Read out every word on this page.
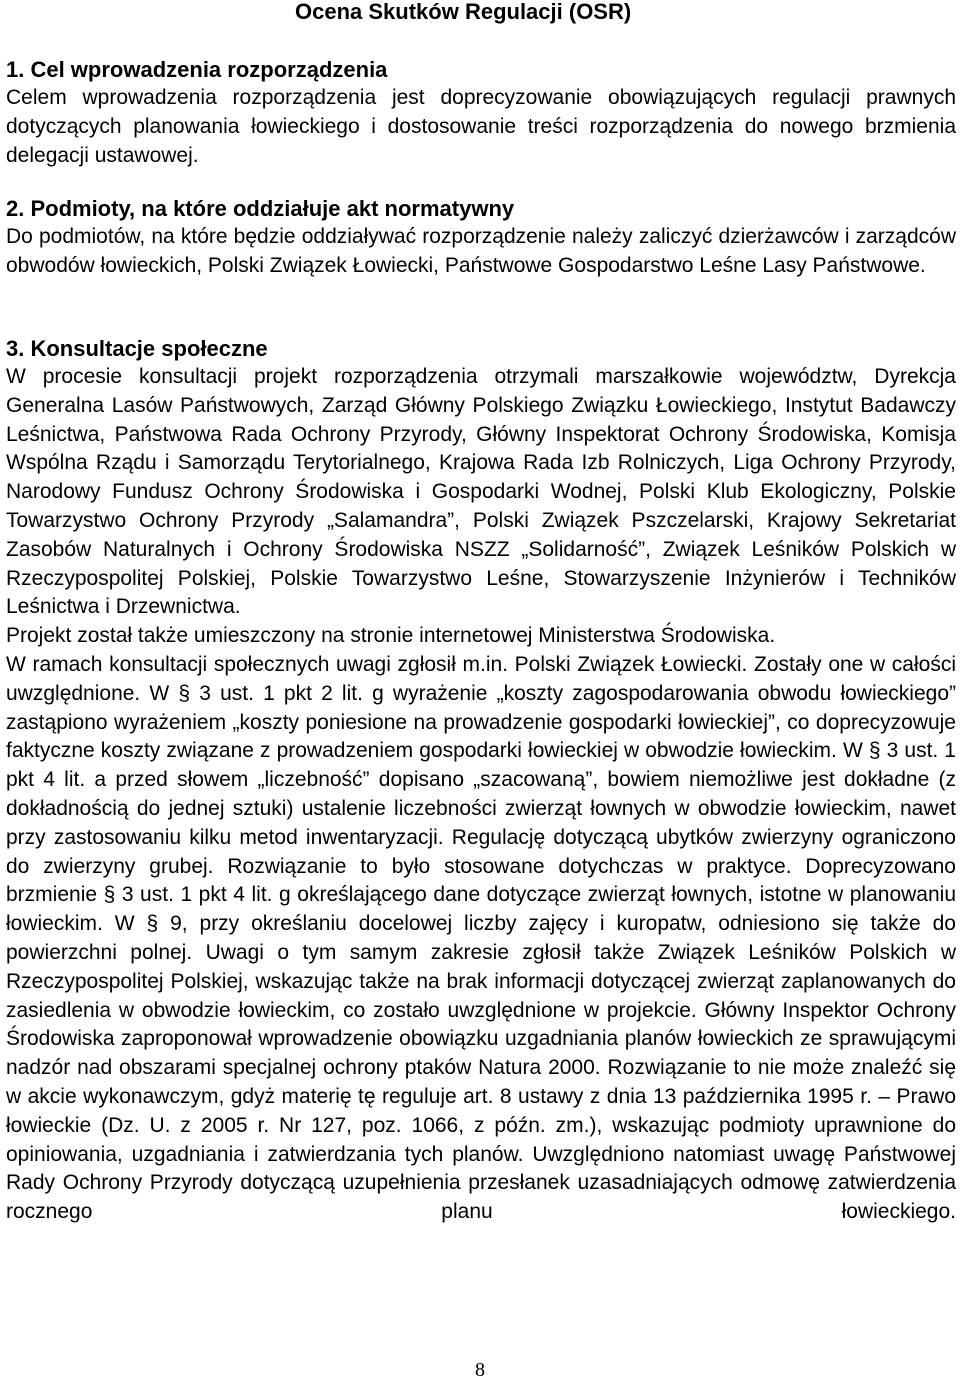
Ocena Skutków Regulacji (OSR)
1. Cel wprowadzenia rozporządzenia

Celem wprowadzenia rozporządzenia jest doprecyzowanie obowiązujących regulacji prawnych dotyczących planowania łowieckiego i dostosowanie treści rozporządzenia do nowego brzmienia delegacji ustawowej.

2. Podmioty, na które oddziałuje akt normatywny

Do podmiotów, na które będzie oddziaływać rozporządzenie należy zaliczyć dzierżawców i zarządców obwodów łowieckich, Polski Związek Łowiecki, Państwowe Gospodarstwo Leśne Lasy Państwowe.

3. Konsultacje społeczne

W procesie konsultacji projekt rozporządzenia otrzymali marszałkowie województw, Dyrekcja Generalna Lasów Państwowych, Zarząd Główny Polskiego Związku Łowieckiego, Instytut Badawczy Leśnictwa, Państwowa Rada Ochrony Przyrody, Główny Inspektorat Ochrony Środowiska, Komisja Wspólna Rządu i Samorządu Terytorialnego, Krajowa Rada Izb Rolniczych, Liga Ochrony Przyrody, Narodowy Fundusz Ochrony Środowiska i Gospodarki Wodnej, Polski Klub Ekologiczny, Polskie Towarzystwo Ochrony Przyrody „Salamandra”, Polski Związek Pszczelarski, Krajowy Sekretariat Zasobów Naturalnych i Ochrony Środowiska NSZZ „Solidarność”, Związek Leśników Polskich w Rzeczypospolitej Polskiej, Polskie Towarzystwo Leśne, Stowarzyszenie Inżynierów i Techników Leśnictwa i Drzewnictwa.

Projekt został także umieszczony na stronie internetowej Ministerstwa Środowiska.

W ramach konsultacji społecznych uwagi zgłosił m.in. Polski Związek Łowiecki. Zostały one w całości uwzględnione. W § 3 ust. 1 pkt 2 lit. g wyrażenie „koszty zagospodarowania obwodu łowieckiego” zastąpiono wyrażeniem „koszty poniesione na prowadzenie gospodarki łowieckiej”, co doprecyzowuje faktyczne koszty związane z prowadzeniem gospodarki łowieckiej w obwodzie łowieckim. W § 3 ust. 1 pkt 4 lit. a przed słowem „liczebność” dopisano „szacowaną”, bowiem niemożliwe jest dokładne (z dokładnością do jednej sztuki) ustalenie liczebności zwierząt łownych w obwodzie łowieckim, nawet przy zastosowaniu kilku metod inwentaryzacji. Regulację dotyczącą ubytków zwierzyny ograniczono do zwierzyny grubej. Rozwiązanie to było stosowane dotychczas w praktyce. Doprecyzowano brzmienie § 3 ust. 1 pkt 4 lit. g określającego dane dotyczące zwierząt łownych, istotne w planowaniu łowieckim. W § 9, przy określaniu docelowej liczby zajęcy i kuropatw, odniesiono się także do powierzchni polnej. Uwagi o tym samym zakresie zgłosił także Związek Leśników Polskich w Rzeczypospolitej Polskiej, wskazując także na brak informacji dotyczącej zwierząt zaplanowanych do zasiedlenia w obwodzie łowieckim, co zostało uwzględnione w projekcie. Główny Inspektor Ochrony Środowiska zaproponował wprowadzenie obowiązku uzgadniania planów łowieckich ze sprawującymi nadzór nad obszarami specjalnej ochrony ptaków Natura 2000. Rozwiązanie to nie może znaleźć się w akcie wykonawczym, gdyż materię tę reguluje art. 8 ustawy z dnia 13 października 1995 r. – Prawo łowieckie (Dz. U. z 2005 r. Nr 127, poz. 1066, z późn. zm.), wskazując podmioty uprawnione do opiniowania, uzgadniania i zatwierdzania tych planów. Uwzględniono natomiast uwagę Państwowej Rady Ochrony Przyrody dotyczącą uzupełnienia przesłanek uzasadniających odmowę zatwierdzenia rocznego planu łowieckiego.

8
